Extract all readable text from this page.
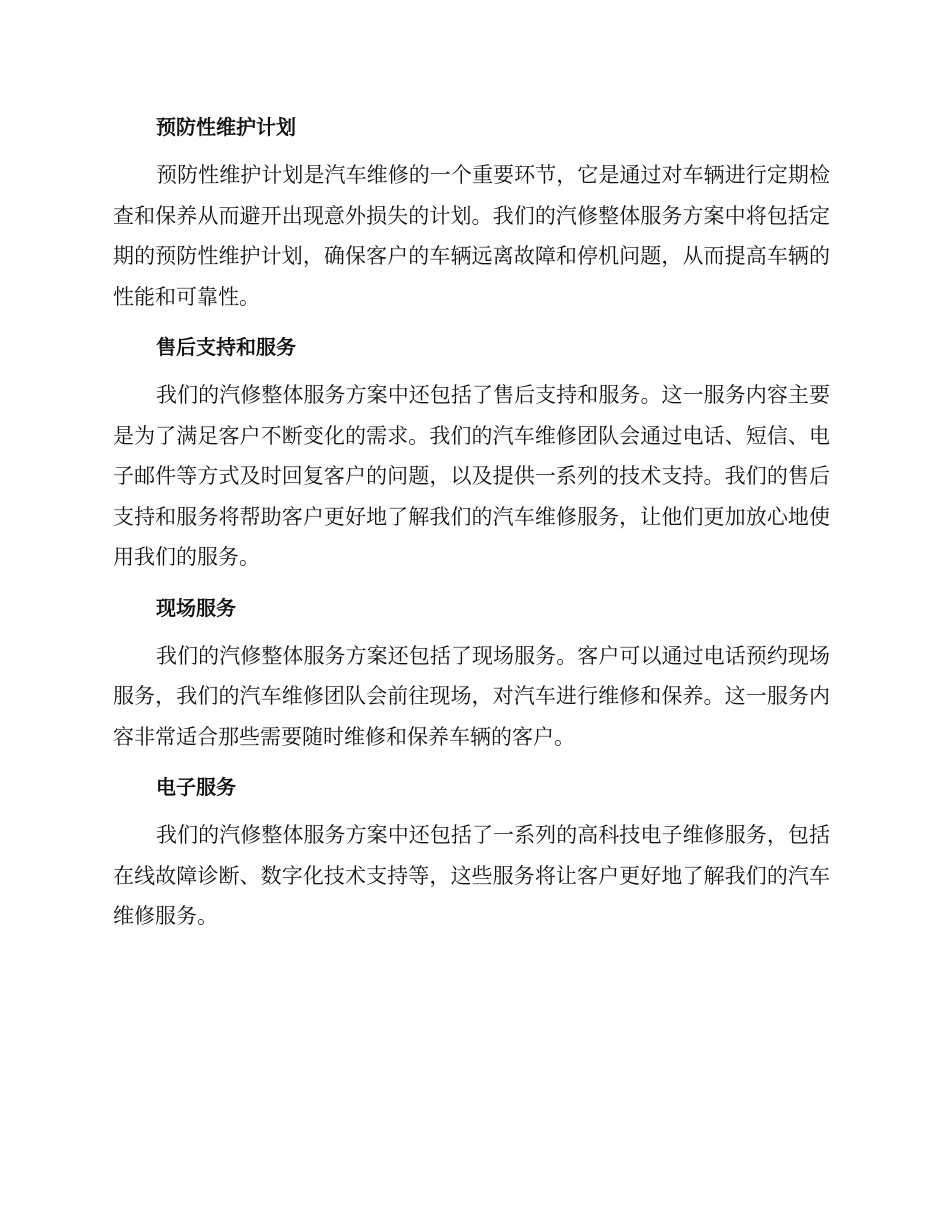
预防性维护计划

预防性维护计划是汽车维修的一个重要环节，它是通过对车辆进行定期检查和保养从而避开出现意外损失的计划。我们的汽修整体服务方案中将包括定期的预防性维护计划，确保客户的车辆远离故障和停机问题，从而提高车辆的性能和可靠性。

售后支持和服务

我们的汽修整体服务方案中还包括了售后支持和服务。这一服务内容主要是为了满足客户不断变化的需求。我们的汽车维修团队会通过电话、短信、电子邮件等方式及时回复客户的问题，以及提供一系列的技术支持。我们的售后支持和服务将帮助客户更好地了解我们的汽车维修服务，让他们更加放心地使用我们的服务。

现场服务

我们的汽修整体服务方案还包括了现场服务。客户可以通过电话预约现场服务，我们的汽车维修团队会前往现场，对汽车进行维修和保养。这一服务内容非常适合那些需要随时维修和保养车辆的客户。

电子服务

我们的汽修整体服务方案中还包括了一系列的高科技电子维修服务，包括在线故障诊断、数字化技术支持等，这些服务将让客户更好地了解我们的汽车维修服务。
